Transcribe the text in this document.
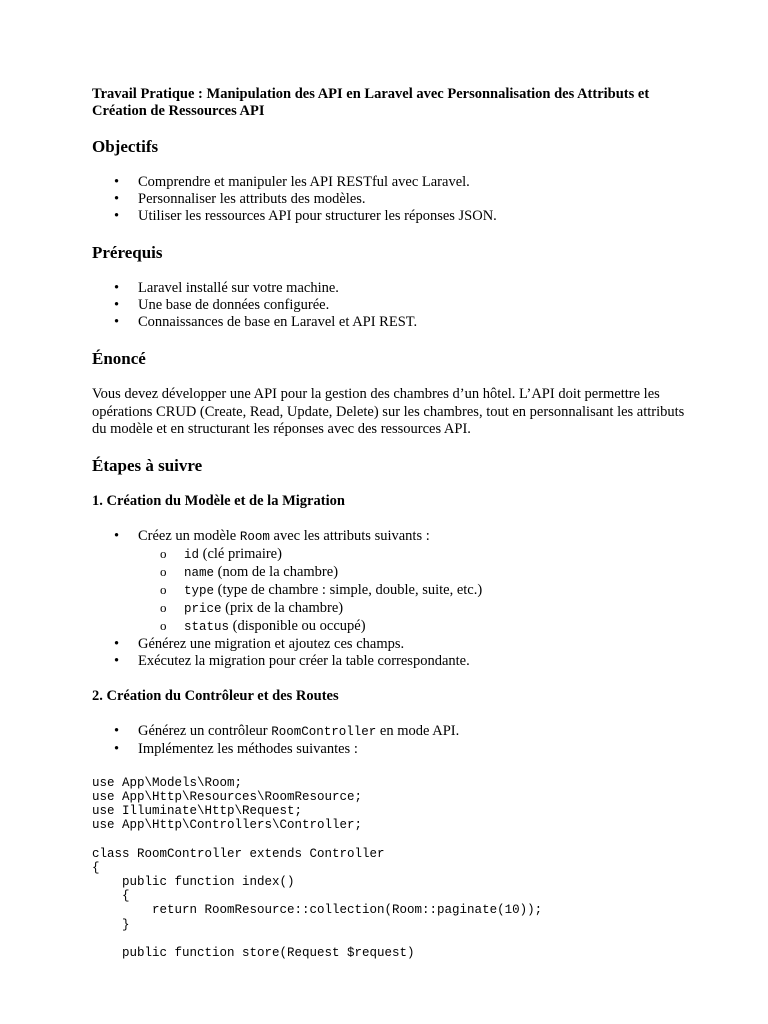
Travail Pratique : Manipulation des API en Laravel avec Personnalisation des Attributs et Création de Ressources API
Objectifs
• Comprendre et manipuler les API RESTful avec Laravel.
• Personnaliser les attributs des modèles.
• Utiliser les ressources API pour structurer les réponses JSON.
Prérequis
• Laravel installé sur votre machine.
• Une base de données configurée.
• Connaissances de base en Laravel et API REST.
Énoncé

Vous devez développer une API pour la gestion des chambres d’un hôtel. L’API doit permettre les opérations CRUD (Create, Read, Update, Delete) sur les chambres, tout en personnalisant les attributs du modèle et en structurant les réponses avec des ressources API.

Étapes à suivre
1. Création du Modèle et de la Migration
• Créez un modèle Room avec les attributs suivants :
o id (clé primaire)
o name (nom de la chambre)
o type (type de chambre : simple, double, suite, etc.)
o price (prix de la chambre)
o status (disponible ou occupé)
• Générez une migration et ajoutez ces champs.
• Exécutez la migration pour créer la table correspondante.
2. Création du Contrôleur et des Routes
• Générez un contrôleur RoomController en mode API.
• Implémentez les méthodes suivantes :
use App\Models\Room;
use App\Http\Resources\RoomResource;
use Illuminate\Http\Request;
use App\Http\Controllers\Controller;

class RoomController extends Controller
{
public function index()
{
return RoomResource::collection(Room::paginate(10));
}

public function store(Request $request)
